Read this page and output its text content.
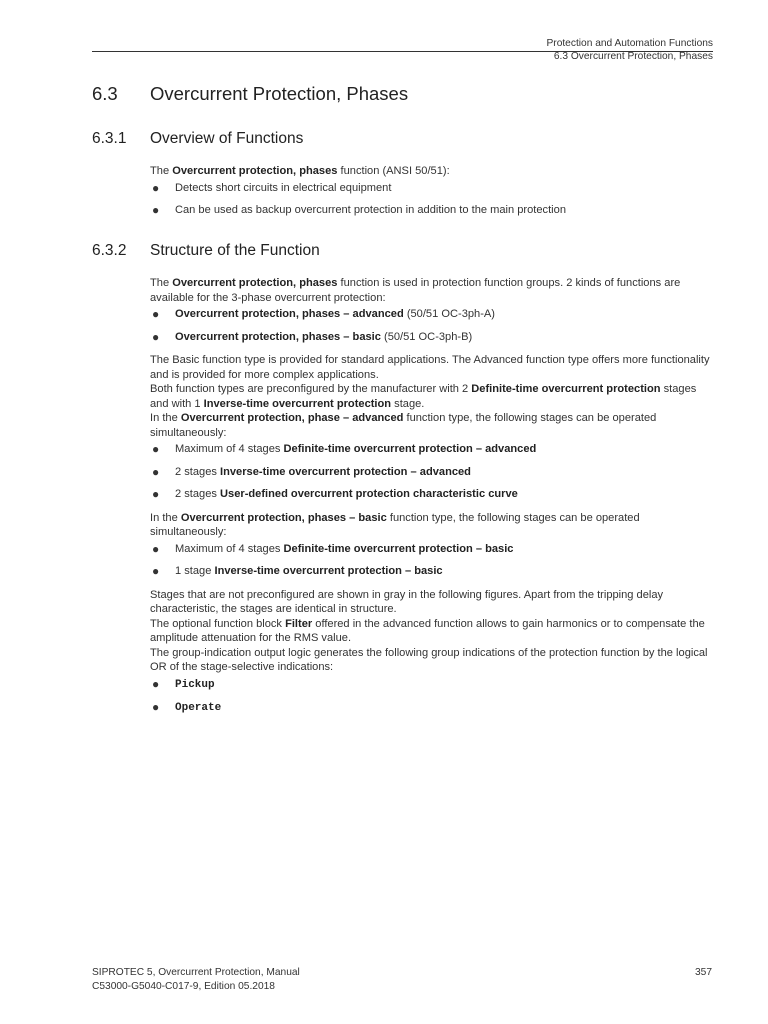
Protection and Automation Functions
6.3 Overcurrent Protection, Phases
6.3 Overcurrent Protection, Phases
6.3.1 Overview of Functions

The Overcurrent protection, phases function (ANSI 50/51):

● Detects short circuits in electrical equipment
● Can be used as backup overcurrent protection in addition to the main protection
6.3.2 Structure of the Function

The Overcurrent protection, phases function is used in protection function groups. 2 kinds of functions are available for the 3-phase overcurrent protection:

● Overcurrent protection, phases – advanced (50/51 OC-3ph-A)
● Overcurrent protection, phases – basic (50/51 OC-3ph-B)

The Basic function type is provided for standard applications. The Advanced function type offers more functionality and is provided for more complex applications.

Both function types are preconfigured by the manufacturer with 2 Definite-time overcurrent protection stages and with 1 Inverse-time overcurrent protection stage.

In the Overcurrent protection, phase – advanced function type, the following stages can be operated simultaneously:

● Maximum of 4 stages Definite-time overcurrent protection – advanced
● 2 stages Inverse-time overcurrent protection – advanced
● 2 stages User-defined overcurrent protection characteristic curve

In the Overcurrent protection, phases – basic function type, the following stages can be operated simultaneously:

● Maximum of 4 stages Definite-time overcurrent protection – basic
● 1 stage Inverse-time overcurrent protection – basic

Stages that are not preconfigured are shown in gray in the following figures. Apart from the tripping delay characteristic, the stages are identical in structure.

The optional function block Filter offered in the advanced function allows to gain harmonics or to compensate the amplitude attenuation for the RMS value.

The group-indication output logic generates the following group indications of the protection function by the logical OR of the stage-selective indications:

● Pickup
● Operate
SIPROTEC 5, Overcurrent Protection, Manual
C53000-G5040-C017-9, Edition 05.2018
357
